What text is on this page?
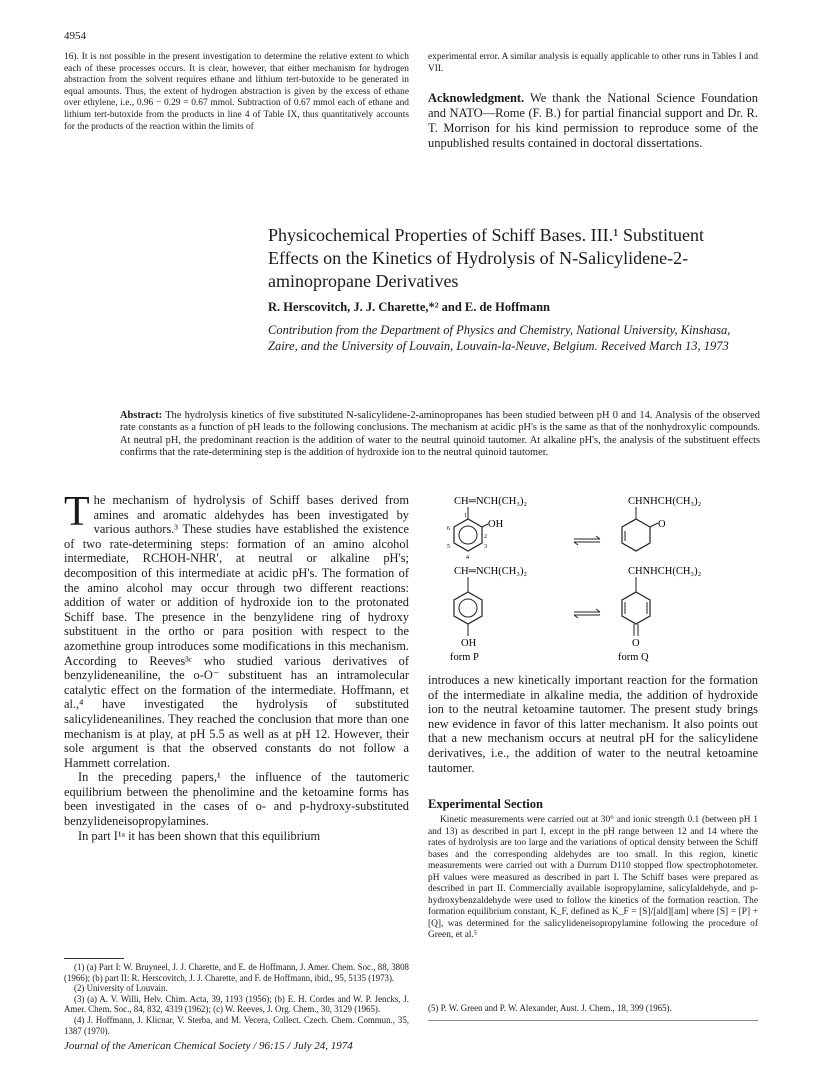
4954
16). It is not possible in the present investigation to determine the relative extent to which each of these processes occurs. It is clear, however, that either mechanism for hydrogen abstraction from the solvent requires ethane and lithium tert-butoxide to be generated in equal amounts. Thus, the extent of hydrogen abstraction is given by the excess of ethane over ethylene, i.e., 0.96 − 0.29 = 0.67 mmol. Subtraction of 0.67 mmol each of ethane and lithium tert-butoxide from the products in line 4 of Table IX, thus quantitatively accounts for the products of the reaction within the limits of
experimental error. A similar analysis is equally applicable to other runs in Tables I and VII.
Acknowledgment. We thank the National Science Foundation and NATO—Rome (F. B.) for partial financial support and Dr. R. T. Morrison for his kind permission to reproduce some of the unpublished results contained in doctoral dissertations.
Physicochemical Properties of Schiff Bases. III.¹ Substituent Effects on the Kinetics of Hydrolysis of N-Salicylidene-2-aminopropane Derivatives
R. Herscovitch, J. J. Charette,*² and E. de Hoffmann
Contribution from the Department of Physics and Chemistry, National University, Kinshasa, Zaire, and the University of Louvain, Louvain-la-Neuve, Belgium. Received March 13, 1973
Abstract: The hydrolysis kinetics of five substituted N-salicylidene-2-aminopropanes has been studied between pH 0 and 14. Analysis of the observed rate constants as a function of pH leads to the following conclusions. The mechanism at acidic pH's is the same as that of the nonhydroxylic compounds. At neutral pH, the predominant reaction is the addition of water to the neutral quinoid tautomer. At alkaline pH's, the analysis of the substituent effects confirms that the rate-determining step is the addition of hydroxide ion to the neutral quinoid tautomer.

The mechanism of hydrolysis of Schiff bases derived from amines and aromatic aldehydes has been investigated by various authors.³ These studies have established the existence of two rate-determining steps: formation of an amino alcohol intermediate, RCHOH-NHR′, at neutral or alkaline pH's; decomposition of this intermediate at acidic pH's. The formation of the amino alcohol may occur through two different reactions: addition of water or addition of hydroxide ion to the protonated Schiff base. The presence in the benzylidene ring of hydroxy substituent in the ortho or para position with respect to the azomethine group introduces some modifications in this mechanism. According to Reeves³ᶜ who studied various derivatives of benzylideneaniline, the o-O⁻ substituent has an intramolecular catalytic effect on the formation of the intermediate. Hoffmann, et al.,⁴ have investigated the hydrolysis of substituted salicylideneanilines. They reached the conclusion that more than one mechanism is at play, at pH 5.5 as well as at pH 12. However, their sole argument is that the observed constants do not follow a Hammett correlation.

In the preceding papers,¹ the influence of the tautomeric equilibrium between the phenolimine and the ketoamine forms has been investigated in the cases of o- and p-hydroxy-substituted benzylideneisopropylamines.

In part I¹ᵃ it has been shown that this equilibrium

(1) (a) Part I: W. Bruyneel, J. J. Charette, and E. de Hoffmann, J. Amer. Chem. Soc., 88, 3808 (1966); (b) part II: R. Herscovitch, J. J. Charette, and F. de Hoffmann, ibid., 95, 5135 (1973).

(2) University of Louvain.

(3) (a) A. V. Willi, Helv. Chim. Acta, 39, 1193 (1956); (b) E. H. Cordes and W. P. Jencks, J. Amer. Chem. Soc., 84, 832, 4319 (1962); (c) W. Reeves, J. Org. Chem., 30, 3129 (1965).

(4) J. Hoffmann, J. Klicnar, V. Sterba, and M. Vecera, Collect. Czech. Chem. Commun., 35, 1387 (1970).

CH═NCH(CH₃)₂
OH
1
2
3
4
5
6
CHNHCH(CH₃)₂
O
CH═NCH(CH₃)₂
OH
form P
CHNHCH(CH₃)₂
O
form Q
introduces a new kinetically important reaction for the formation of the intermediate in alkaline media, the addition of hydroxide ion to the neutral ketoamine tautomer. The present study brings new evidence in favor of this latter mechanism. It also points out that a new mechanism occurs at neutral pH for the salicylidene derivatives, i.e., the addition of water to the neutral ketoamine tautomer.
Experimental Section
Kinetic measurements were carried out at 30° and ionic strength 0.1 (between pH 1 and 13) as described in part I, except in the pH range between 12 and 14 where the rates of hydrolysis are too large and the variations of optical density between the Schiff bases and the corresponding aldehydes are too small. In this region, kinetic measurements were carried out with a Durrum D110 stopped flow spectrophotometer. pH values were measured as described in part I. The Schiff bases were prepared as described in part II. Commercially available isopropylamine, salicylaldehyde, and p-hydroxybenzaldehyde were used to follow the kinetics of the formation reaction. The formation equilibrium constant, K_F, defined as K_F = [S]/[ald][am] where [S] = [P] + [Q], was determined for the salicylideneisopropylamine following the procedure of Green, et al.⁵
(5) P. W. Green and P. W. Alexander, Aust. J. Chem., 18, 399 (1965).
Journal of the American Chemical Society / 96:15 / July 24, 1974
